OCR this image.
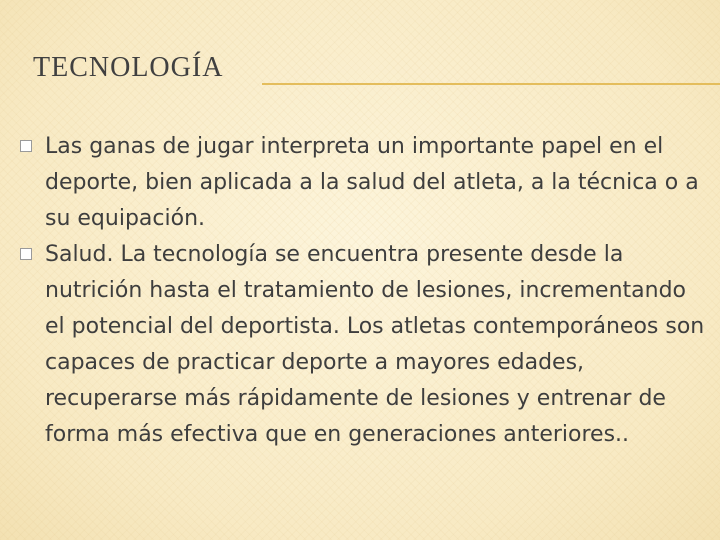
TECNOLOGÍA

Las ganas de jugar interpreta un importante papel en el deporte, bien aplicada a la salud del atleta, a la técnica o a su equipación.

Salud. La tecnología se encuentra presente desde la nutrición hasta el tratamiento de lesiones, incrementando el potencial del deportista. Los atletas contemporáneos son capaces de practicar deporte a mayores edades, recuperarse más rápidamente de lesiones y entrenar de forma más efectiva que en generaciones anteriores..
